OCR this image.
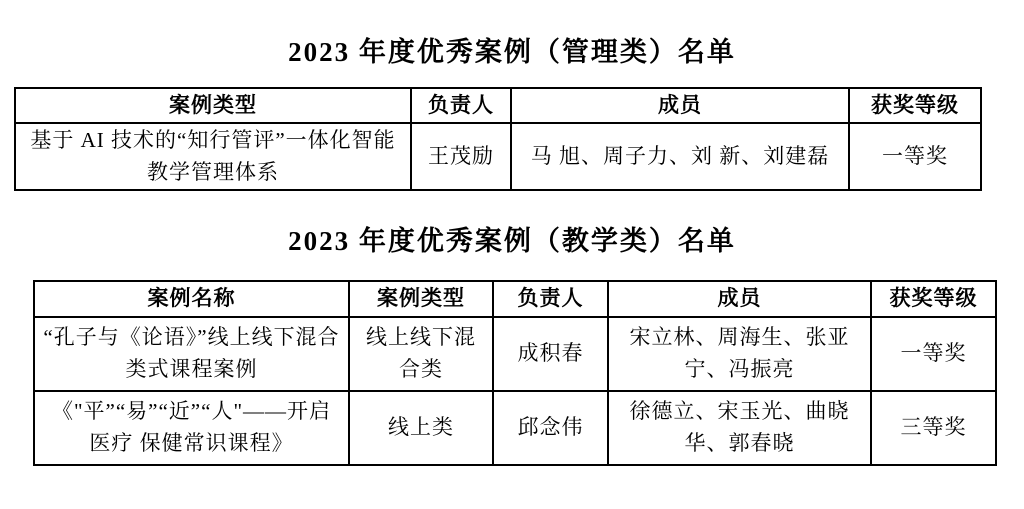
2023 年度优秀案例（管理类）名单
案例类型	负责人	成员	获奖等级
基于 AI 技术的“知行管评”一体化智能教学管理体系	王茂励	马 旭、周子力、刘 新、刘建磊	一等奖
2023 年度优秀案例（教学类）名单
案例名称	案例类型	负责人	成员	获奖等级
“孔子与《论语》”线上线下混合类式课程案例	线上线下混合类	成积春	宋立林、周海生、张亚宁、冯振亮	一等奖
《"平”“易”“近”“人"——开启医疗 保健常识课程》	线上类	邱念伟	徐德立、宋玉光、曲晓华、郭春晓	三等奖
